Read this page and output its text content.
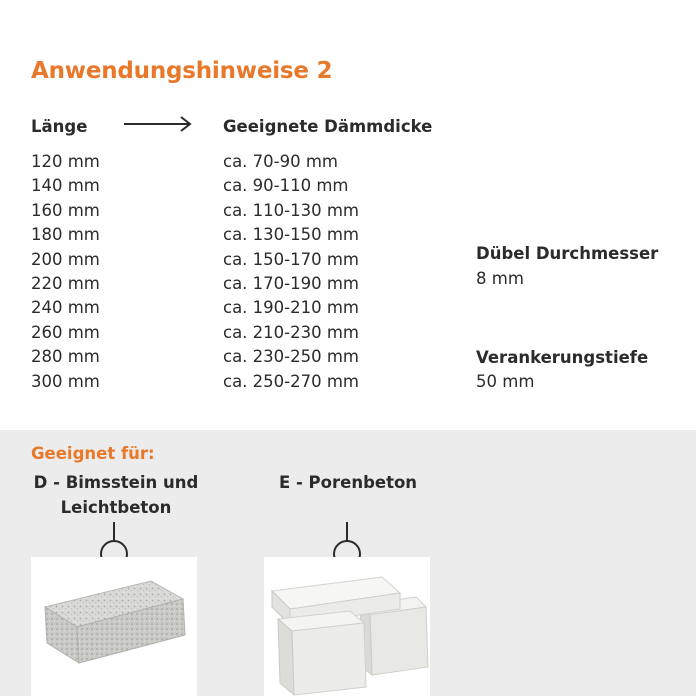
Anwendungshinweise 2
Länge	Geeignete Dämmdicke
120 mm
140 mm
160 mm
180 mm
200 mm
220 mm
240 mm
260 mm
280 mm
300 mm
ca. 70-90 mm
ca. 90-110 mm
ca. 110-130 mm
ca. 130-150 mm
ca. 150-170 mm
ca. 170-190 mm
ca. 190-210 mm
ca. 210-230 mm
ca. 230-250 mm
ca. 250-270 mm
Dübel Durchmesser
8 mm
Verankerungstiefe
50 mm
Geeignet für:
D - Bimsstein und
Leichtbeton
E - Porenbeton
